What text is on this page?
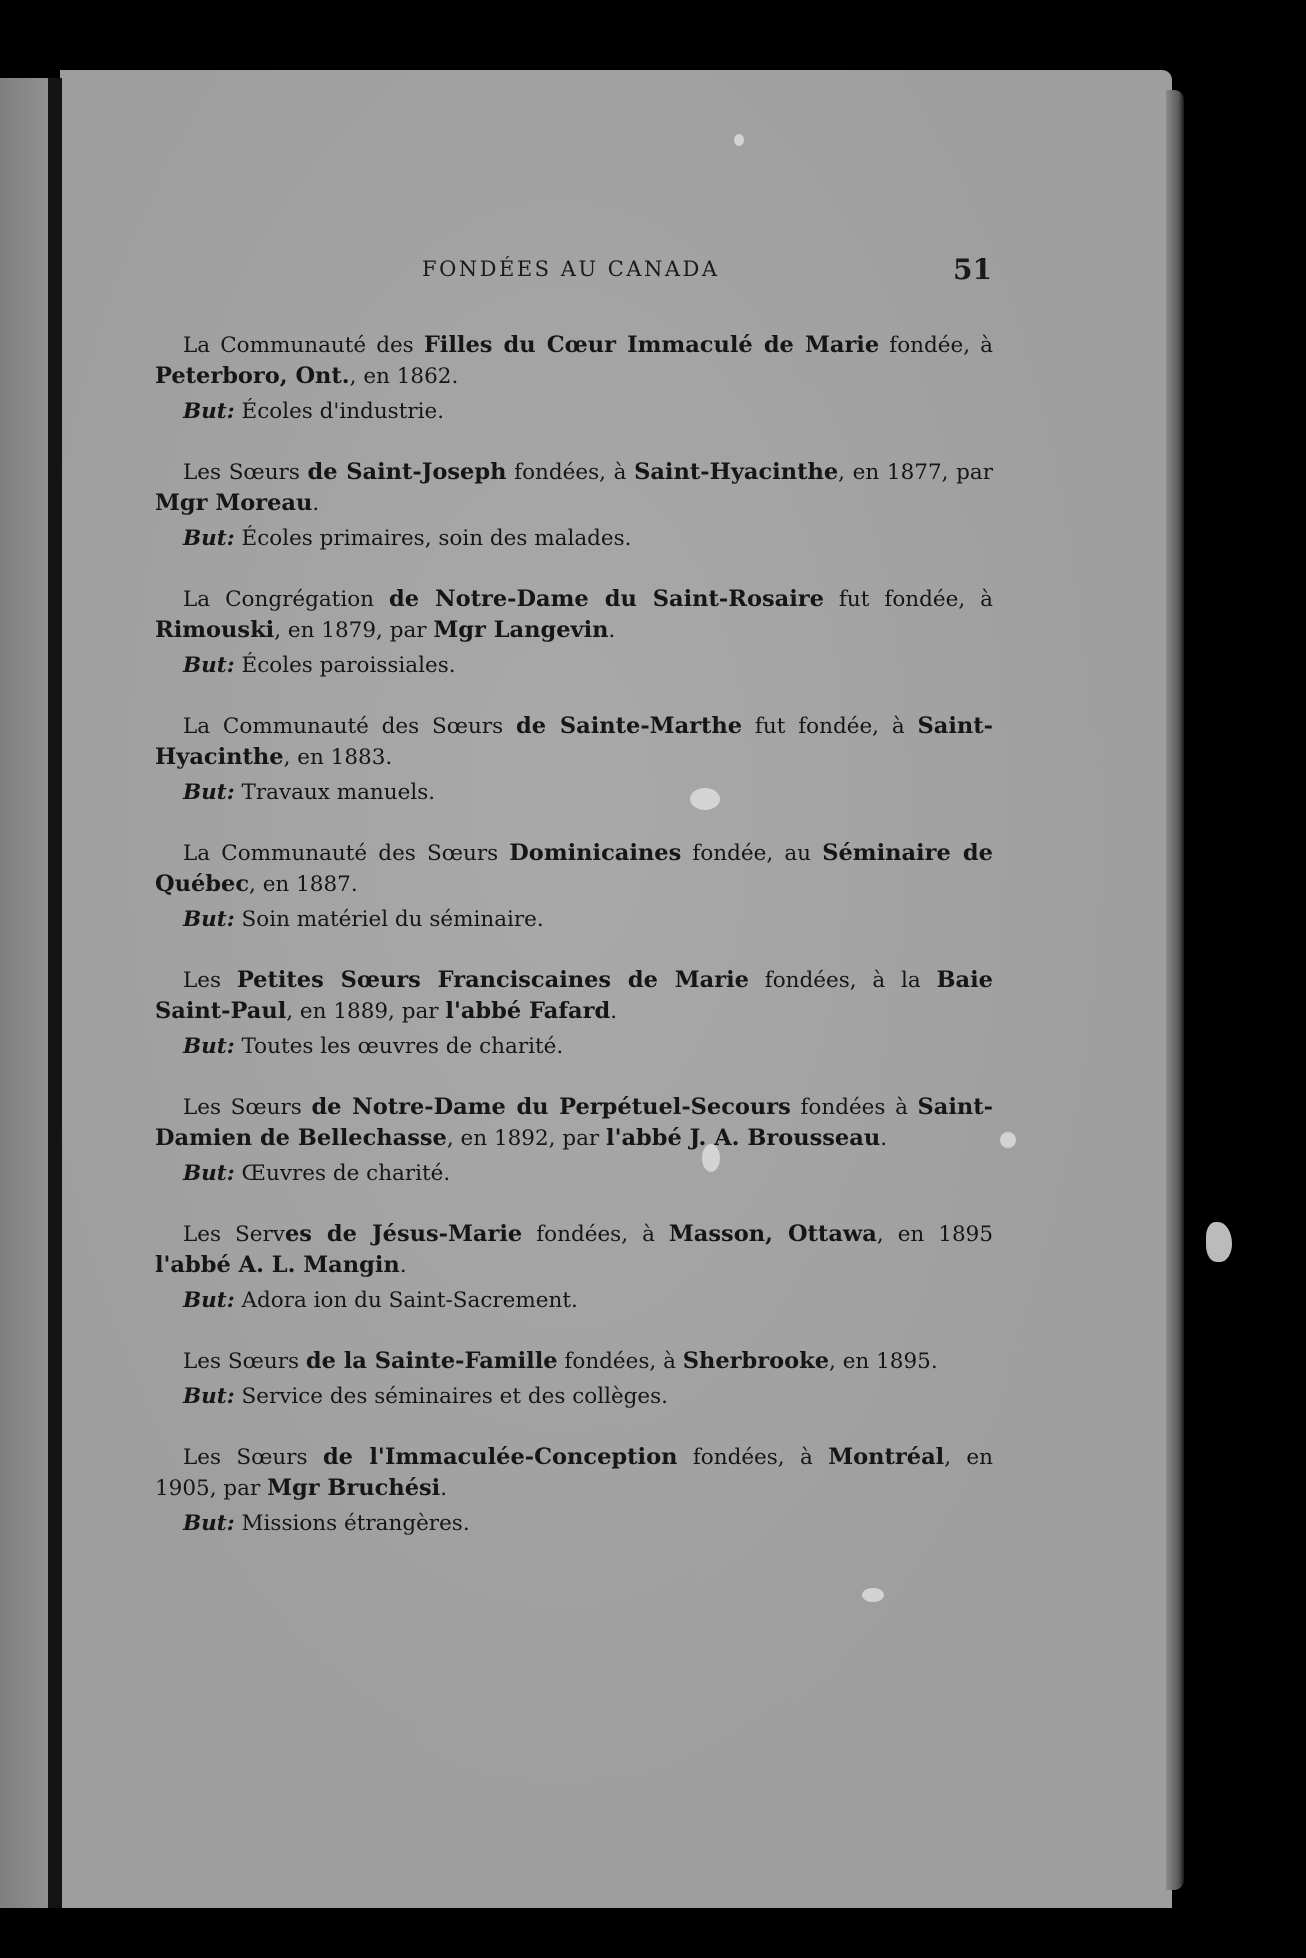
FONDÉES AU CANADA	51

La Communauté des Filles du Cœur Immaculé de Marie fondée, à Peterboro, Ont., en 1862.

But: Écoles d'industrie.

Les Sœurs de Saint-Joseph fondées, à Saint-Hyacinthe, en 1877, par Mgr Moreau.

But: Écoles primaires, soin des malades.

La Congrégation de Notre-Dame du Saint-Rosaire fut fondée, à Rimouski, en 1879, par Mgr Langevin.

But: Écoles paroissiales.

La Communauté des Sœurs de Sainte-Marthe fut fondée, à Saint-Hyacinthe, en 1883.

But: Travaux manuels.

La Communauté des Sœurs Dominicaines fondée, au Séminaire de Québec, en 1887.

But: Soin matériel du séminaire.

Les Petites Sœurs Franciscaines de Marie fondées, à la Baie Saint-Paul, en 1889, par l'abbé Fafard.

But: Toutes les œuvres de charité.

Les Sœurs de Notre-Dame du Perpétuel-Secours fondées à Saint-Damien de Bellechasse, en 1892, par l'abbé J. A. Brousseau.

But: Œuvres de charité.

Les Serves de Jésus-Marie fondées, à Masson, Ottawa, en 1895 l'abbé A. L. Mangin.

But: Adora ion du Saint-Sacrement.

Les Sœurs de la Sainte-Famille fondées, à Sherbrooke, en 1895.

But: Service des séminaires et des collèges.

Les Sœurs de l'Immaculée-Conception fondées, à Montréal, en 1905, par Mgr Bruchési.

But: Missions étrangères.
